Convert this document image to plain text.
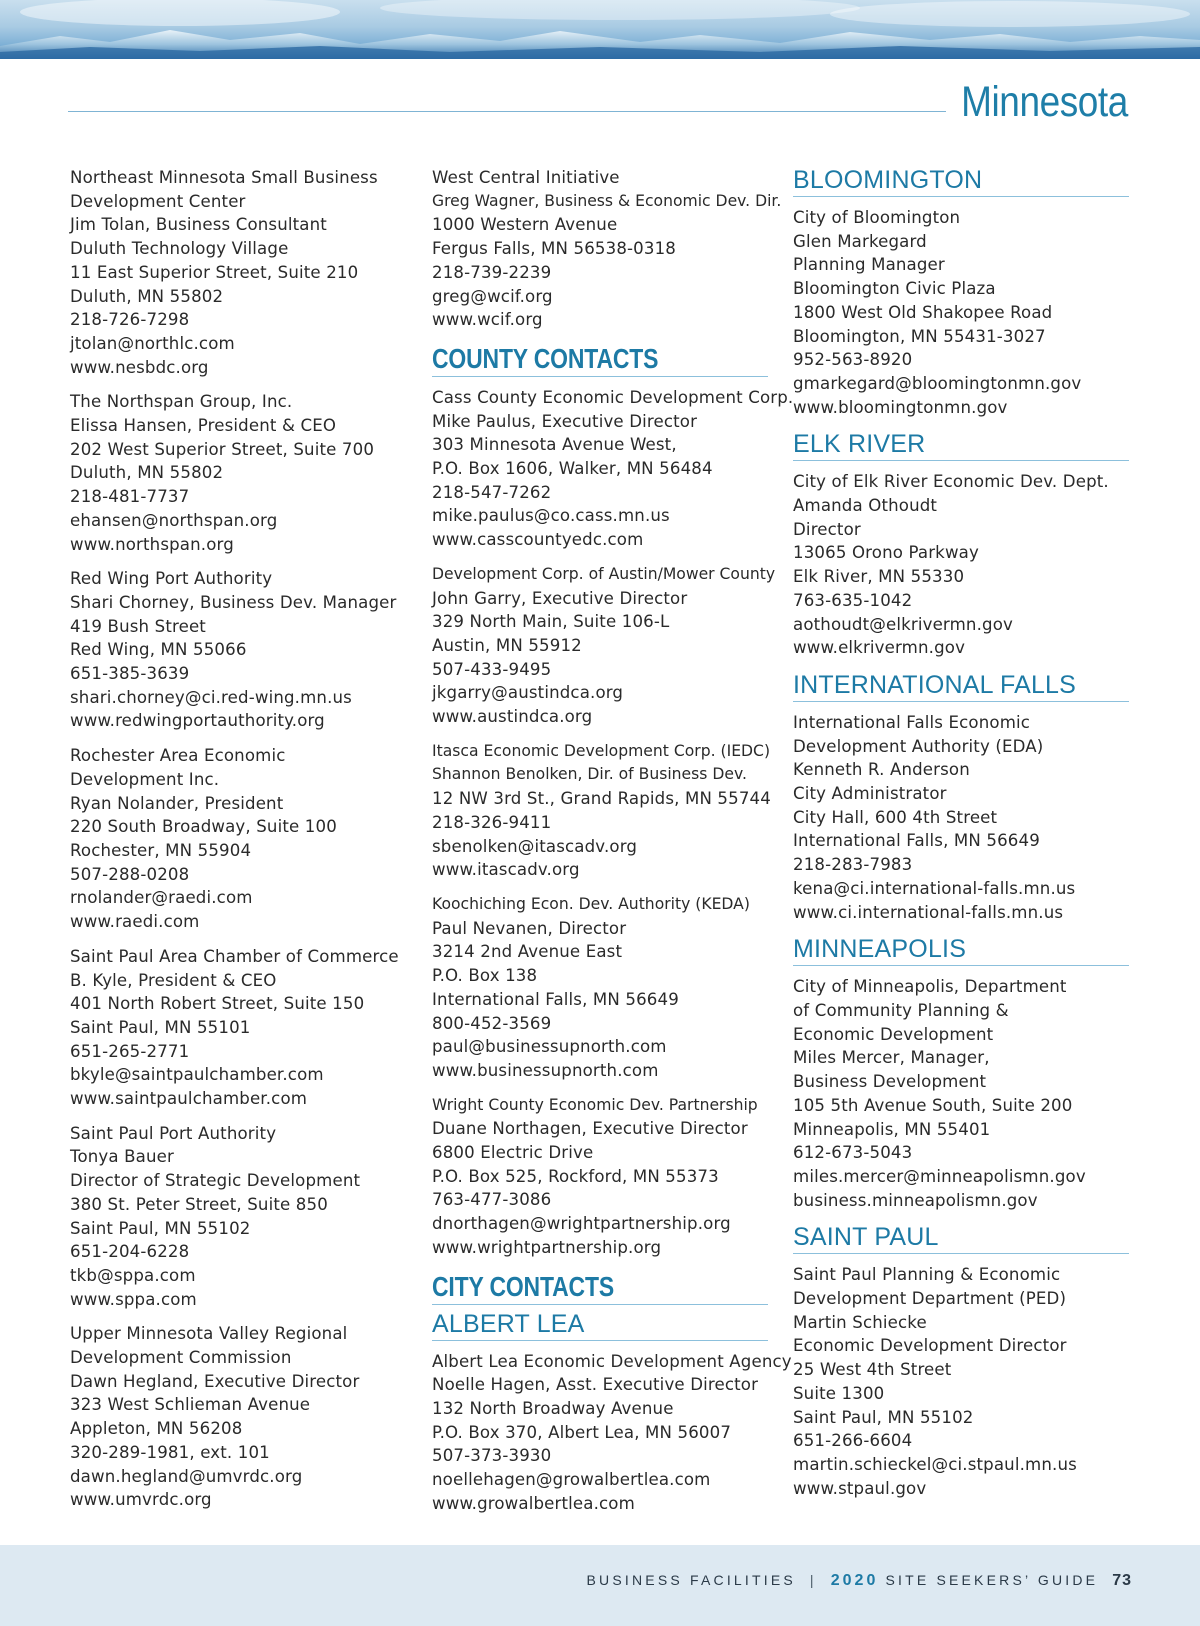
Minnesota
Northeast Minnesota Small Business
Development Center
Jim Tolan, Business Consultant
Duluth Technology Village
11 East Superior Street, Suite 210
Duluth, MN 55802
218-726-7298
jtolan@northlc.com
www.nesbdc.org
The Northspan Group, Inc.
Elissa Hansen, President & CEO
202 West Superior Street, Suite 700
Duluth, MN 55802
218-481-7737
ehansen@northspan.org
www.northspan.org
Red Wing Port Authority
Shari Chorney, Business Dev. Manager
419 Bush Street
Red Wing, MN 55066
651-385-3639
shari.chorney@ci.red-wing.mn.us
www.redwingportauthority.org
Rochester Area Economic
Development Inc.
Ryan Nolander, President
220 South Broadway, Suite 100
Rochester, MN 55904
507-288-0208
rnolander@raedi.com
www.raedi.com
Saint Paul Area Chamber of Commerce
B. Kyle, President & CEO
401 North Robert Street, Suite 150
Saint Paul, MN 55101
651-265-2771
bkyle@saintpaulchamber.com
www.saintpaulchamber.com
Saint Paul Port Authority
Tonya Bauer
Director of Strategic Development
380 St. Peter Street, Suite 850
Saint Paul, MN 55102
651-204-6228
tkb@sppa.com
www.sppa.com
Upper Minnesota Valley Regional
Development Commission
Dawn Hegland, Executive Director
323 West Schlieman Avenue
Appleton, MN 56208
320-289-1981, ext. 101
dawn.hegland@umvrdc.org
www.umvrdc.org
West Central Initiative
Greg Wagner, Business & Economic Dev. Dir.
1000 Western Avenue
Fergus Falls, MN 56538-0318
218-739-2239
greg@wcif.org
www.wcif.org
COUNTY CONTACTS
Cass County Economic Development Corp.
Mike Paulus, Executive Director
303 Minnesota Avenue West,
P.O. Box 1606, Walker, MN 56484
218-547-7262
mike.paulus@co.cass.mn.us
www.casscountyedc.com
Development Corp. of Austin/Mower County
John Garry, Executive Director
329 North Main, Suite 106-L
Austin, MN 55912
507-433-9495
jkgarry@austindca.org
www.austindca.org
Itasca Economic Development Corp. (IEDC)
Shannon Benolken, Dir. of Business Dev.
12 NW 3rd St., Grand Rapids, MN 55744
218-326-9411
sbenolken@itascadv.org
www.itascadv.org
Koochiching Econ. Dev. Authority (KEDA)
Paul Nevanen, Director
3214 2nd Avenue East
P.O. Box 138
International Falls, MN 56649
800-452-3569
paul@businessupnorth.com
www.businessupnorth.com
Wright County Economic Dev. Partnership
Duane Northagen, Executive Director
6800 Electric Drive
P.O. Box 525, Rockford, MN 55373
763-477-3086
dnorthagen@wrightpartnership.org
www.wrightpartnership.org
CITY CONTACTS
ALBERT LEA
Albert Lea Economic Development Agency
Noelle Hagen, Asst. Executive Director
132 North Broadway Avenue
P.O. Box 370, Albert Lea, MN 56007
507-373-3930
noellehagen@growalbertlea.com
www.growalbertlea.com
BLOOMINGTON
City of Bloomington
Glen Markegard
Planning Manager
Bloomington Civic Plaza
1800 West Old Shakopee Road
Bloomington, MN 55431-3027
952-563-8920
gmarkegard@bloomingtonmn.gov
www.bloomingtonmn.gov
ELK RIVER
City of Elk River Economic Dev. Dept.
Amanda Othoudt
Director
13065 Orono Parkway
Elk River, MN 55330
763-635-1042
aothoudt@elkrivermn.gov
www.elkrivermn.gov
INTERNATIONAL FALLS
International Falls Economic
Development Authority (EDA)
Kenneth R. Anderson
City Administrator
City Hall, 600 4th Street
International Falls, MN 56649
218-283-7983
kena@ci.international-falls.mn.us
www.ci.international-falls.mn.us
MINNEAPOLIS
City of Minneapolis, Department
of Community Planning &
Economic Development
Miles Mercer, Manager,
Business Development
105 5th Avenue South, Suite 200
Minneapolis, MN 55401
612-673-5043
miles.mercer@minneapolismn.gov
business.minneapolismn.gov
SAINT PAUL
Saint Paul Planning & Economic
Development Department (PED)
Martin Schiecke
Economic Development Director
25 West 4th Street
Suite 1300
Saint Paul, MN 55102
651-266-6604
martin.schieckel@ci.stpaul.mn.us
www.stpaul.gov
BUSINESS FACILITIES | 2020 SITE SEEKERS’ GUIDE 73
